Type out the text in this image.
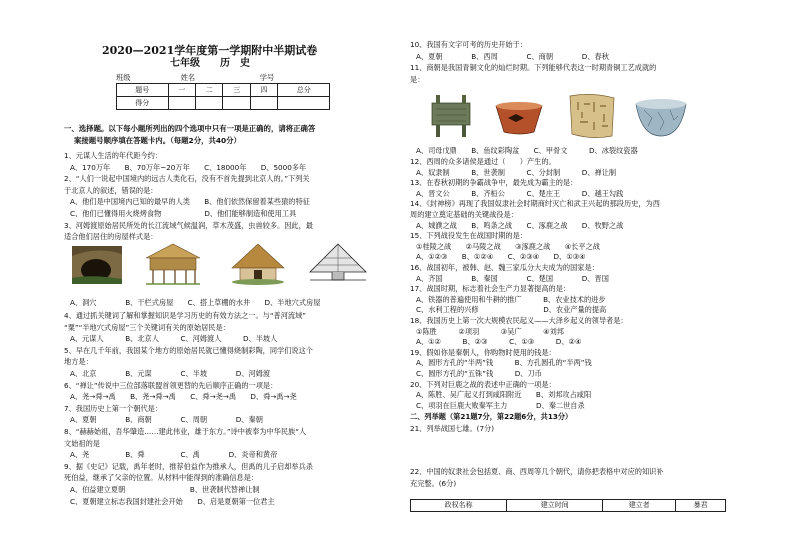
2020—2021学年度第一学期附中半期试卷
七年级　　历　史
班级　　　　　　　姓名　　　　　　　　　学号
题号	一	二	三	四	总分
得分					
一、选择题。以下每小题所列出的四个选项中只有一项是正确的，请将正确答
案接题号顺序填在答题卡内。（每题2分，共40分）
1、元谋人生活的年代距今约：
A、170万年　　B、70万年~20万年　　C、18000年　　D、5000多年
2、“人们一说起中国境内的远古人类化石，没有不首先提到北京人的。”下列关
于北京人的叙述，错误的是：
A、他们是中国境内已知的最早的人类　　B、他们依然保留着某些猿的特征
C、他们已懂得用火烧烤食物　　　　　　D、他们能够制造和使用工具
3、河姆渡原始居民所处的长江流域气候温润，草木茂盛，虫兽较多。因此，最
适合他们居住的房屋样式是：
A、洞穴　　　　B、干栏式房屋　　C、搭上草棚的水井　　D、半地穴式房屋
4、通过抓关键词了解和掌握知识是学习历史的有效方法之一。与“普河流域”
“粟”“半地穴式房屋”三个关键词有关的原始居民是：
A、元谋人　　　B、北京人　　　C、河姆渡人　　　D、半坡人
5、早在几千年前，我国某个地方的原始居民就已懂得烧制彩陶，同学们说这个
地方是：
A、北京　　　　B、元谋　　　　C、半坡　　　　D、河姆渡
6、“禅让”传说中三位部落联盟首领更替的先后顺序正确的一项是：
A、尧→舜→禹　　B、尧→舜→禹　　C、舜→尧→禹　　D、舜→禹→尧
7、我国历史上第一个朝代是：
A、夏朝　　　　B、商朝　　　　C、周朝　　　　D、秦朝
8、“赫赫始祖，吾华肇造……建此伟业，雄于东方。”诗中被奉为中华民族“人
文始祖的是
A、尧　　　　　B、舜　　　　　C、禹　　　　D、炎帝和黄帝
9、据《史记》记载，禹年老时，推荐伯益作为推承人，但禹的儿子启却举兵杀
死伯益，继承了父亲的位置。从材料中能得到的准确信息是：
A、伯益建立夏朝　　　　　　　　　B、世袭制代替禅让制
C、夏朝建立标志我国封建社会开始　　D、启是夏朝第一位君主
10、我国有文字可考的历史开始于：
A、夏朝　　　　B、西周　　　　C、商朝　　　　D、春秋
11、商朝是我国青铜文化的灿烂时期。下列能够代表这一时期青铜工艺成就的
是：
A、司母戊鼎　　B、鱼纹彩陶盆　　C、甲骨文　　　D、冰裂纹瓷器
12、西周的众多诸侯是通过（　　）产生的。
A、奴隶制　　　B、世袭制　　　C、分封制　　　D、禅让制
13、在春秋初期的争霸战争中，最先成为霸主的是：
A、晋文公　　　B、齐桓公　　　C、楚庄王　　　D、越王勾践
14、《封神榜》再现了我国奴隶社会时期商纣灭亡和武王兴起的那段历史，为西
周的建立奠定基础的关键战役是：
A、城濮之战　　B、鸣条之战　　C、涿鹿之战　　D、牧野之战
15、下列战役发生在战国时期的是：
①桂陵之战　　②马陵之战　　③涿鹿之战　　④长平之战
A、①②③　　B、①②④　　C、②③④　　D、①③④
16、战国初年，被韩、赵、魏三家瓜分大夫成为的国家是：
A、齐国　　　　B、秦国　　　　C、楚国　　　　D、晋国
17、战国时期，标志着社会生产力显著提高的是：
A、铁器的普遍使用和牛耕的推广　　　B、农业技术的进步
C、水利工程的兴修　　　　　　　　　D、农业产量的提高
18、我国历史上第一次大规模农民起义——大泽乡起义的领导者是：
①陈胜　　　②项羽　　　③吴广　　　④刘邦
A、①②　　　B、②③　　　C、①③　　　D、②④
19、假如你是秦朝人，你购物时使用的钱是：
A、圆形方孔的“半两”钱　　　B、方孔圆孔的“半两”钱
C、圆形方孔的“五铢”钱　　　D、刀币
20、下列对巨鹿之战的表述中正确的一项是：
A、陈胜、吴广起义打到咸阳附近　　B、刘邦攻占咸阳
C、项羽在巨鹿大败秦军主力　　　　D、秦二世自杀
二、列举题（第21题7分，第22题6分，共13分）
21、列举战国七雄。(7分)
22、中国的奴隶社会包括夏、商、西周等几个朝代，请你把表格中对应的知识补
充完整。(6分)
政权名称	建立时间	建立者	暴君
